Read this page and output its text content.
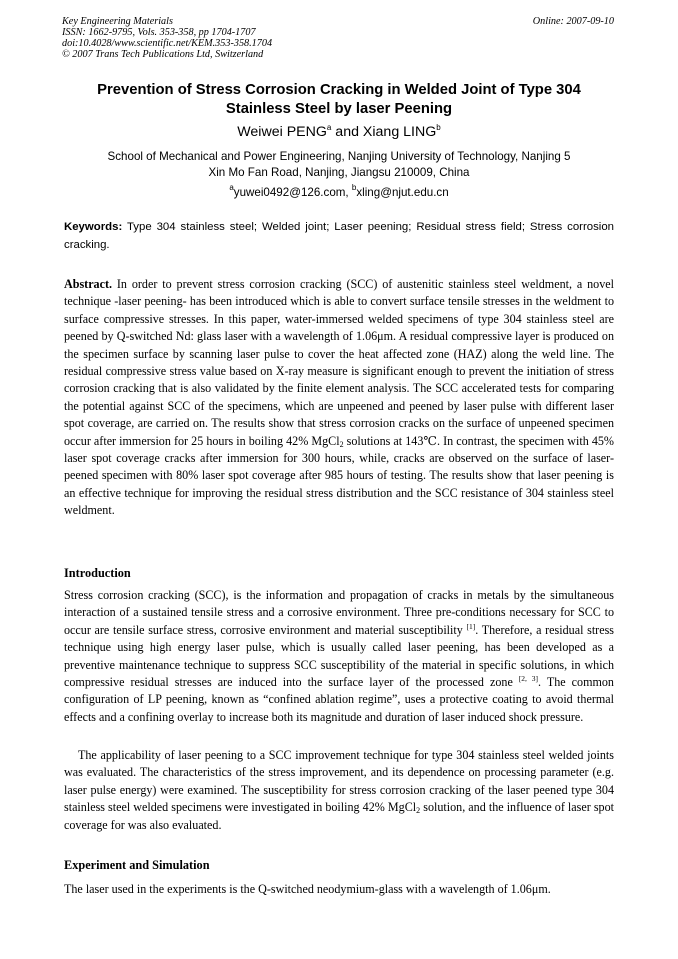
Key Engineering Materials
ISSN: 1662-9795, Vols. 353-358, pp 1704-1707
doi:10.4028/www.scientific.net/KEM.353-358.1704
© 2007 Trans Tech Publications Ltd, Switzerland
Online: 2007-09-10
Prevention of Stress Corrosion Cracking in Welded Joint of Type 304
Stainless Steel by laser Peening
Weiwei PENG$^a$ and Xiang LING$^b$
School of Mechanical and Power Engineering, Nanjing University of Technology, Nanjing 5
Xin Mo Fan Road, Nanjing, Jiangsu 210009, China
$^a$yuwei0492@126.com, $^b$xling@njut.edu.cn
Keywords: Type 304 stainless steel; Welded joint; Laser peening; Residual stress field; Stress corrosion cracking.
Abstract. In order to prevent stress corrosion cracking (SCC) of austenitic stainless steel weldment, a novel technique -laser peening- has been introduced which is able to convert surface tensile stresses in the weldment to surface compressive stresses. In this paper, water-immersed welded specimens of type 304 stainless steel are peened by Q-switched Nd: glass laser with a wavelength of 1.06μm. A residual compressive layer is produced on the specimen surface by scanning laser pulse to cover the heat affected zone (HAZ) along the weld line. The residual compressive stress value based on X-ray measure is significant enough to prevent the initiation of stress corrosion cracking that is also validated by the finite element analysis. The SCC accelerated tests for comparing the potential against SCC of the specimens, which are unpeened and peened by laser pulse with different laser spot coverage, are carried on. The results show that stress corrosion cracks on the surface of unpeened specimen occur after immersion for 25 hours in boiling 42% MgCl$_2$ solutions at 143℃. In contrast, the specimen with 45% laser spot coverage cracks after immersion for 300 hours, while, cracks are observed on the surface of laser-peened specimen with 80% laser spot coverage after 985 hours of testing. The results show that laser peening is an effective technique for improving the residual stress distribution and the SCC resistance of 304 stainless steel weldment.
Introduction
Stress corrosion cracking (SCC), is the information and propagation of cracks in metals by the simultaneous interaction of a sustained tensile stress and a corrosive environment. Three pre-conditions necessary for SCC to occur are tensile surface stress, corrosive environment and material susceptibility [1]. Therefore, a residual stress technique using high energy laser pulse, which is usually called laser peening, has been developed as a preventive maintenance technique to suppress SCC susceptibility of the material in specific solutions, in which compressive residual stresses are induced into the surface layer of the processed zone [2, 3]. The common configuration of LP peening, known as “confined ablation regime”, uses a protective coating to avoid thermal effects and a confining overlay to increase both its magnitude and duration of laser induced shock pressure.
The applicability of laser peening to a SCC improvement technique for type 304 stainless steel welded joints was evaluated. The characteristics of the stress improvement, and its dependence on processing parameter (e.g. laser pulse energy) were examined. The susceptibility for stress corrosion cracking of the laser peened type 304 stainless steel welded specimens were investigated in boiling 42% MgCl$_2$ solution, and the influence of laser spot coverage for was also evaluated.
Experiment and Simulation
The laser used in the experiments is the Q-switched neodymium-glass with a wavelength of 1.06μm.
